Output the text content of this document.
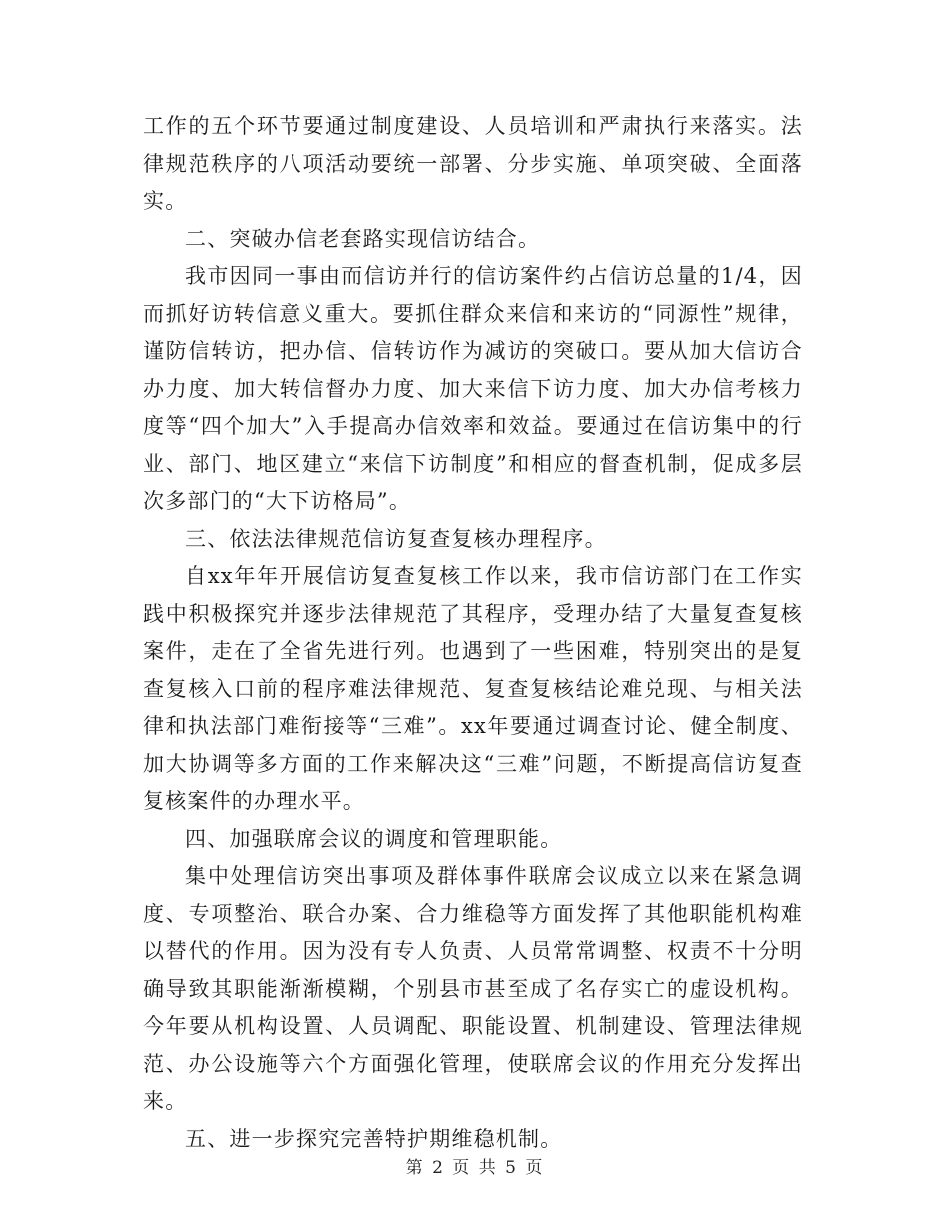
工作的五个环节要通过制度建设、人员培训和严肃执行来落实。法律规范秩序的八项活动要统一部署、分步实施、单项突破、全面落实。

二、突破办信老套路实现信访结合。

我市因同一事由而信访并行的信访案件约占信访总量的1/4，因而抓好访转信意义重大。要抓住群众来信和来访的“同源性”规律，谨防信转访，把办信、信转访作为减访的突破口。要从加大信访合办力度、加大转信督办力度、加大来信下访力度、加大办信考核力度等“四个加大”入手提高办信效率和效益。要通过在信访集中的行业、部门、地区建立“来信下访制度”和相应的督查机制，促成多层次多部门的“大下访格局”。

三、依法法律规范信访复查复核办理程序。

自xx年年开展信访复查复核工作以来，我市信访部门在工作实践中积极探究并逐步法律规范了其程序，受理办结了大量复查复核案件，走在了全省先进行列。也遇到了一些困难，特别突出的是复查复核入口前的程序难法律规范、复查复核结论难兑现、与相关法律和执法部门难衔接等“三难”。xx年要通过调查讨论、健全制度、加大协调等多方面的工作来解决这“三难”问题，不断提高信访复查复核案件的办理水平。

四、加强联席会议的调度和管理职能。

集中处理信访突出事项及群体事件联席会议成立以来在紧急调度、专项整治、联合办案、合力维稳等方面发挥了其他职能机构难以替代的作用。因为没有专人负责、人员常常调整、权责不十分明确导致其职能渐渐模糊，个别县市甚至成了名存实亡的虚设机构。今年要从机构设置、人员调配、职能设置、机制建设、管理法律规范、办公设施等六个方面强化管理，使联席会议的作用充分发挥出来。

五、进一步探究完善特护期维稳机制。

第 2 页 共 5 页
